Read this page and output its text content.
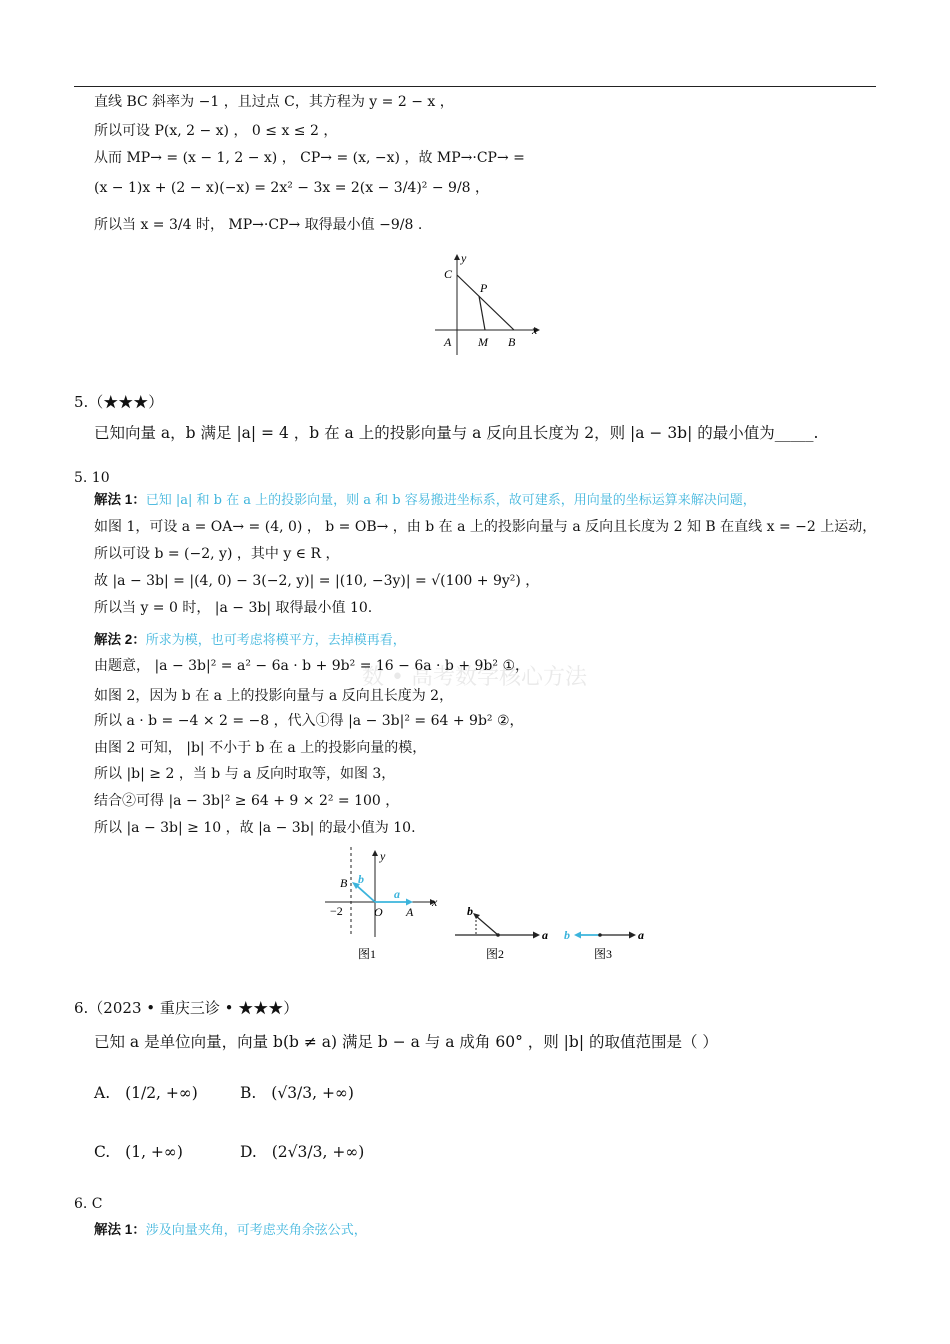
直线 BC 斜率为 −1 ，且过点 C，其方程为 y = 2 − x ，
所以可设 P(x, 2 − x) ， 0 ≤ x ≤ 2 ，
从而 MP→ = (x − 1, 2 − x) ， CP→ = (x, −x) ，故 MP→·CP→ =
(x − 1)x + (2 − x)(−x) = 2x² − 3x = 2(x − 3/4)² − 9/8 ，
所以当 x = 3/4 时， MP→·CP→ 取得最小值 −9/8 .
y
C
P
x
A M B
5.（★★★）
已知向量 a，b 满足 |a| = 4 ，b 在 a 上的投影向量与 a 反向且长度为 2，则 |a − 3b| 的最小值为_____.
5. 10
解法 1：已知 |a| 和 b 在 a 上的投影向量，则 a 和 b 容易搬进坐标系，故可建系，用向量的坐标运算来解决问题，
如图 1，可设 a = OA→ = (4, 0) ， b = OB→ ，由 b 在 a 上的投影向量与 a 反向且长度为 2 知 B 在直线 x = −2 上运动，
所以可设 b = (−2, y) ，其中 y ∈ R ，
故 |a − 3b| = |(4, 0) − 3(−2, y)| = |(10, −3y)| = √(100 + 9y²) ，
所以当 y = 0 时， |a − 3b| 取得最小值 10.
解法 2：所求为模，也可考虑将模平方，去掉模再看，
数 • 高考数学核心方法
由题意， |a − 3b|² = a² − 6a · b + 9b² = 16 − 6a · b + 9b² ①，
如图 2，因为 b 在 a 上的投影向量与 a 反向且长度为 2，
所以 a · b = −4 × 2 = −8 ，代入①得 |a − 3b|² = 64 + 9b² ②，
由图 2 可知， |b| 不小于 b 在 a 上的投影向量的模，
所以 |b| ≥ 2 ，当 b 与 a 反向时取等，如图 3，
结合②可得 |a − 3b|² ≥ 64 + 9 × 2² = 100 ，
所以 |a − 3b| ≥ 10 ，故 |a − 3b| 的最小值为 10.
y
x
B b
a
−2	O A
图1
b
a
图2
b	a
图3
6.（2023 • 重庆三诊 • ★★★）
已知 a 是单位向量，向量 b(b ≠ a) 满足 b − a 与 a 成角 60° ，则 |b| 的取值范围是（ ）
A. (1/2, +∞)	B. (√3/3, +∞)
C. (1, +∞)	D. (2√3/3, +∞)
6. C
解法 1：涉及向量夹角，可考虑夹角余弦公式，
